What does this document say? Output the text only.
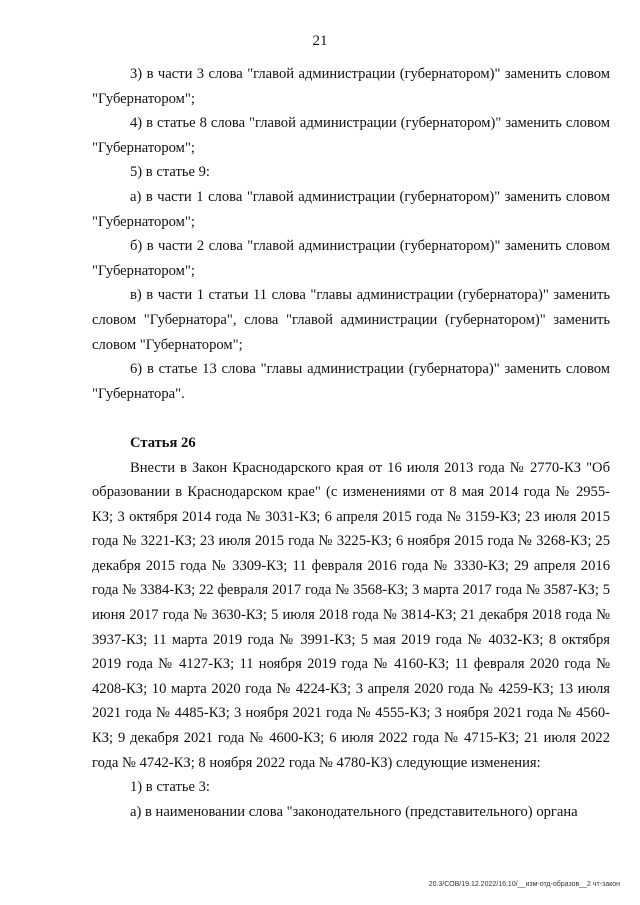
21

3) в части 3 слова "главой администрации (губернатором)" заменить словом "Губернатором";

4) в статье 8 слова "главой администрации (губернатором)" заменить словом "Губернатором";

5) в статье 9:

а) в части 1 слова "главой администрации (губернатором)" заменить словом "Губернатором";

б) в части 2 слова "главой администрации (губернатором)" заменить словом "Губернатором";

в) в части 1 статьи 11 слова "главы администрации (губернатора)" заменить словом "Губернатора", слова "главой администрации (губернатором)" заменить словом "Губернатором";

6) в статье 13 слова "главы администрации (губернатора)" заменить словом "Губернатора".

Статья 26

Внести в Закон Краснодарского края от 16 июля 2013 года № 2770-КЗ "Об образовании в Краснодарском крае" (с изменениями от 8 мая 2014 года № 2955-КЗ; 3 октября 2014 года № 3031-КЗ; 6 апреля 2015 года № 3159-КЗ; 23 июля 2015 года № 3221-КЗ; 23 июля 2015 года № 3225-КЗ; 6 ноября 2015 года № 3268-КЗ; 25 декабря 2015 года № 3309-КЗ; 11 февраля 2016 года № 3330-КЗ; 29 апреля 2016 года № 3384-КЗ; 22 февраля 2017 года № 3568-КЗ; 3 марта 2017 года № 3587-КЗ; 5 июня 2017 года № 3630-КЗ; 5 июля 2018 года № 3814-КЗ; 21 декабря 2018 года № 3937-КЗ; 11 марта 2019 года № 3991-КЗ; 5 мая 2019 года № 4032-КЗ; 8 октября 2019 года № 4127-КЗ; 11 ноября 2019 года № 4160-КЗ; 11 февраля 2020 года № 4208-КЗ; 10 марта 2020 года № 4224-КЗ; 3 апреля 2020 года № 4259-КЗ; 13 июля 2021 года № 4485-КЗ; 3 ноября 2021 года № 4555-КЗ; 3 ноября 2021 года № 4560-КЗ; 9 декабря 2021 года № 4600-КЗ; 6 июля 2022 года № 4715-КЗ; 21 июля 2022 года № 4742-КЗ; 8 ноября 2022 года № 4780-КЗ) следующие изменения:

1) в статье 3:

а) в наименовании слова "законодательного (представительного) органа

20.3/СОВ/19.12.2022/16:10/__изм-отд-образов__2 чт-закон
